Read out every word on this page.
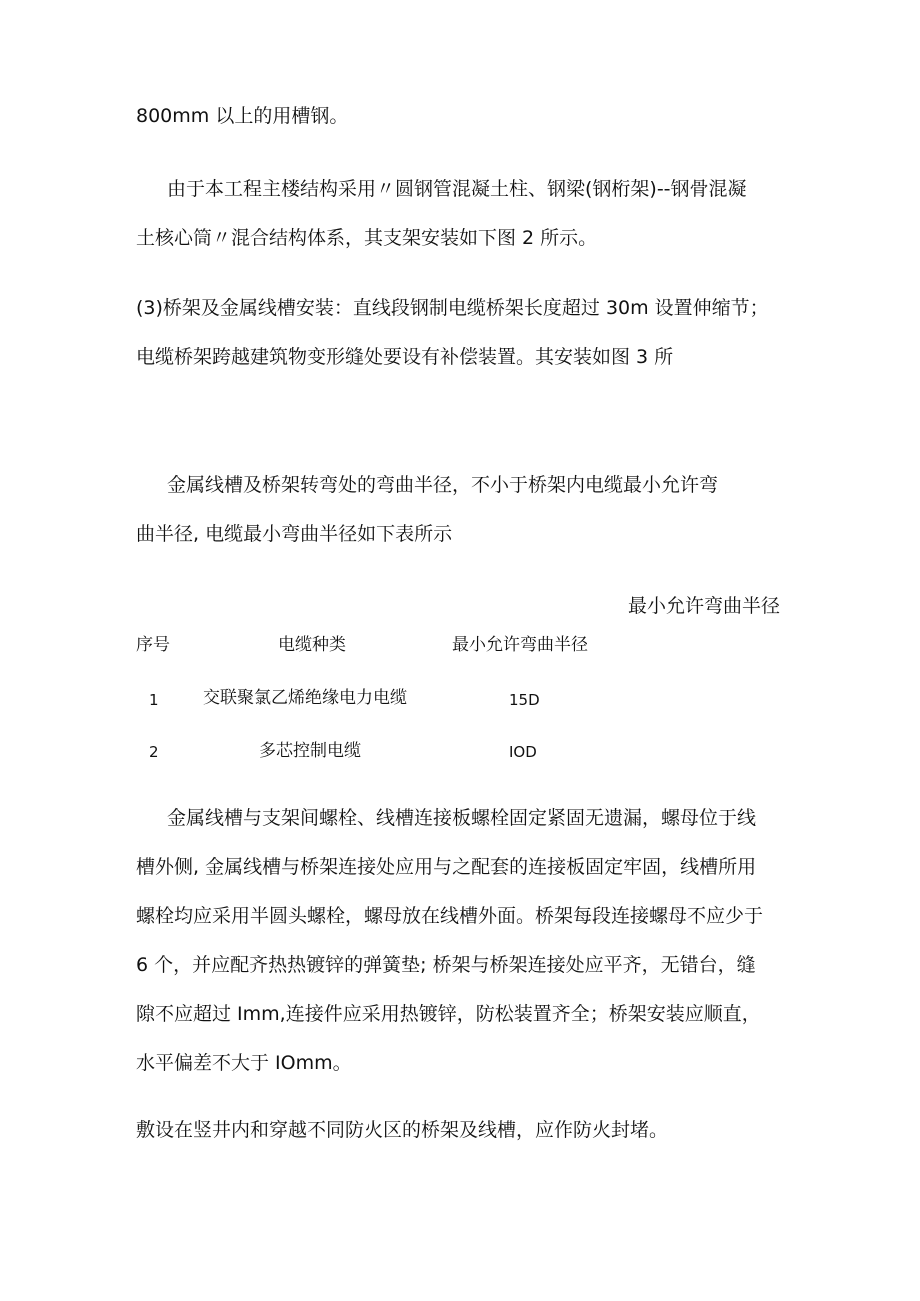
800mm 以上的用槽钢。
由于本工程主楼结构采用〃圆钢管混凝土柱、钢梁(钢桁架)--钢骨混凝
土核心筒〃混合结构体系，其支架安装如下图 2 所示。
(3)桥架及金属线槽安装：直线段钢制电缆桥架长度超过 30m 设置伸缩节；
电缆桥架跨越建筑物变形缝处要设有补偿装置。其安装如图 3 所
金属线槽及桥架转弯处的弯曲半径，不小于桥架内电缆最小允许弯
曲半径, 电缆最小弯曲半径如下表所示
最小允许弯曲半径
序号	电缆种类	最小允许弯曲半径
1	交联聚氯乙烯绝缘电力电缆	15D
2	多芯控制电缆	IOD
金属线槽与支架间螺栓、线槽连接板螺栓固定紧固无遗漏，螺母位于线
槽外侧, 金属线槽与桥架连接处应用与之配套的连接板固定牢固，线槽所用
螺栓均应采用半圆头螺栓，螺母放在线槽外面。桥架每段连接螺母不应少于
6 个，并应配齐热热镀锌的弹簧垫; 桥架与桥架连接处应平齐，无错台，缝
隙不应超过 Imm,连接件应采用热镀锌，防松装置齐全；桥架安装应顺直，
水平偏差不大于 IOmm。
敷设在竖井内和穿越不同防火区的桥架及线槽，应作防火封堵。
